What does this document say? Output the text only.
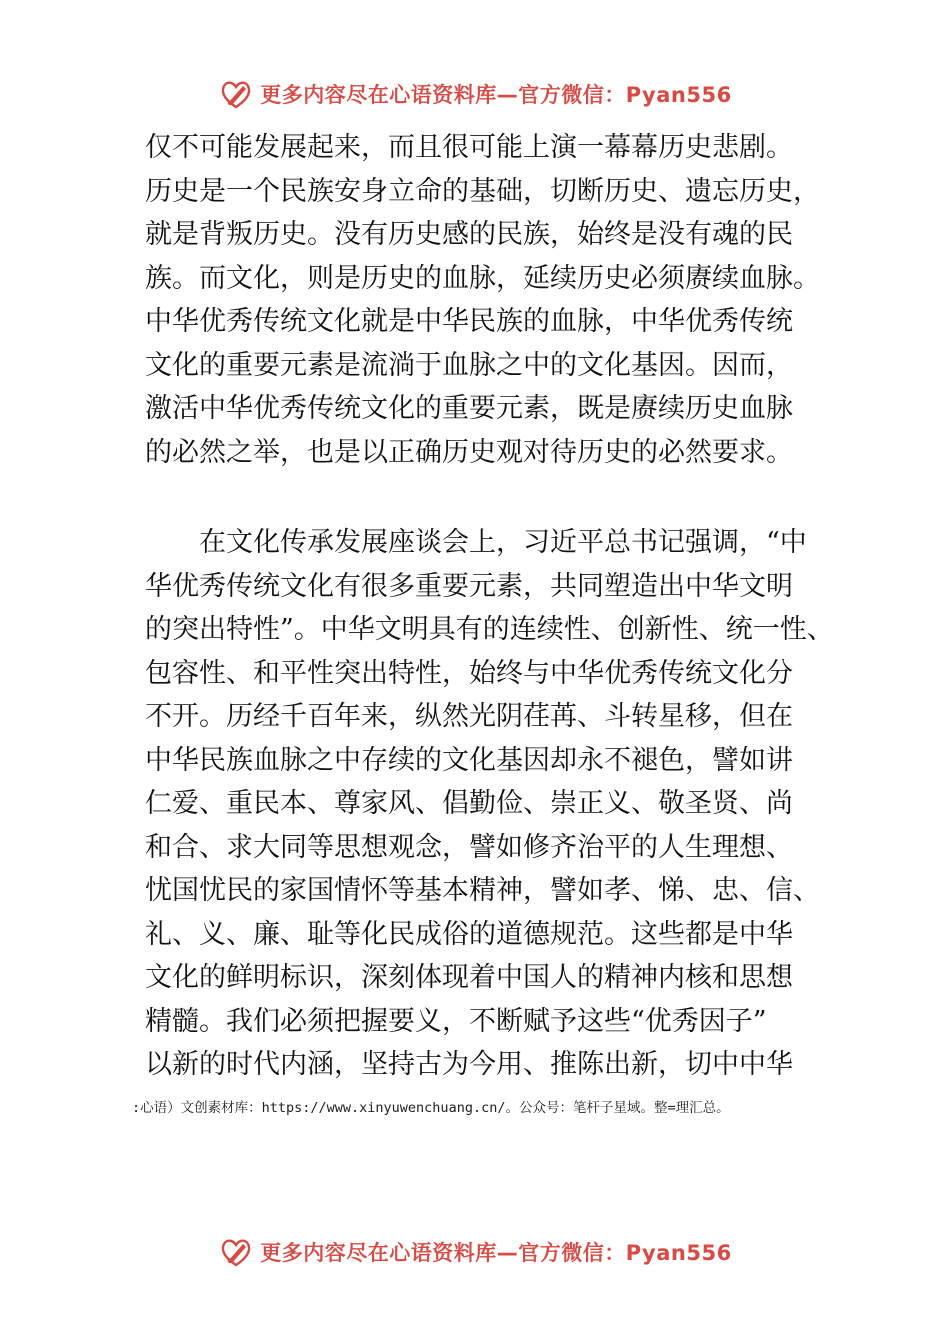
更多内容尽在心语资料库—官方微信：Pyan556
仅不可能发展起来，而且很可能上演一幕幕历史悲剧。
历史是一个民族安身立命的基础，切断历史、遗忘历史，
就是背叛历史。没有历史感的民族，始终是没有魂的民
族。而文化，则是历史的血脉，延续历史必须赓续血脉。
中华优秀传统文化就是中华民族的血脉，中华优秀传统
文化的重要元素是流淌于血脉之中的文化基因。因而，
激活中华优秀传统文化的重要元素，既是赓续历史血脉
的必然之举，也是以正确历史观对待历史的必然要求。
在文化传承发展座谈会上，习近平总书记强调，“中
华优秀传统文化有很多重要元素，共同塑造出中华文明
的突出特性”。中华文明具有的连续性、创新性、统一性、
包容性、和平性突出特性，始终与中华优秀传统文化分
不开。历经千百年来，纵然光阴荏苒、斗转星移，但在
中华民族血脉之中存续的文化基因却永不褪色，譬如讲
仁爱、重民本、尊家风、倡勤俭、崇正义、敬圣贤、尚
和合、求大同等思想观念，譬如修齐治平的人生理想、
忧国忧民的家国情怀等基本精神，譬如孝、悌、忠、信、
礼、义、廉、耻等化民成俗的道德规范。这些都是中华
文化的鲜明标识，深刻体现着中国人的精神内核和思想
精髓。我们必须把握要义，不断赋予这些“优秀因子”
以新的时代内涵，坚持古为今用、推陈出新，切中中华
:心语）文创素材库：https://www.xinyuwenchuang.cn/。公众号：笔杆子星域。整=理汇总。
更多内容尽在心语资料库—官方微信：Pyan556
